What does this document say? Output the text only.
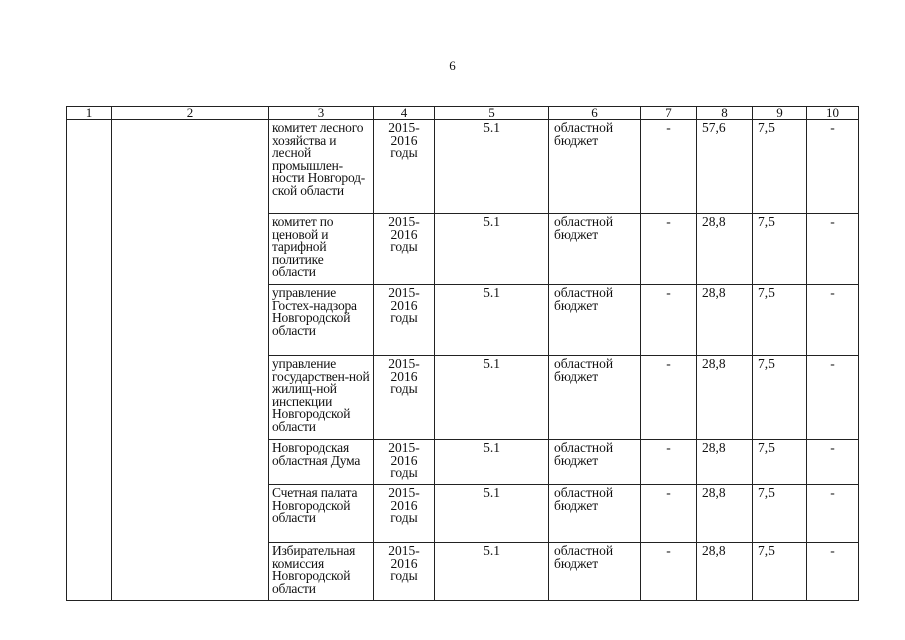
6
1	2	3	4	5	6	7	8	9	10
		комитет лесного хозяйства и лесной промышлен-ности Новгород-ской области	2015-2016 годы	5.1	областной бюджет	-	57,6	7,5	-
		комитет по ценовой и тарифной политике области	2015-2016 годы	5.1	областной бюджет	-	28,8	7,5	-
		управление Гостех-надзора Новгородской области	2015-2016 годы	5.1	областной бюджет	-	28,8	7,5	-
		управление государствен-ной жилищ-ной инспекции Новгородской области	2015-2016 годы	5.1	областной бюджет	-	28,8	7,5	-
		Новгородская областная Дума	2015-2016 годы	5.1	областной бюджет	-	28,8	7,5	-
		Счетная палата Новгородской области	2015-2016 годы	5.1	областной бюджет	-	28,8	7,5	-
		Избирательная комиссия Новгородской области	2015-2016 годы	5.1	областной бюджет	-	28,8	7,5	-
